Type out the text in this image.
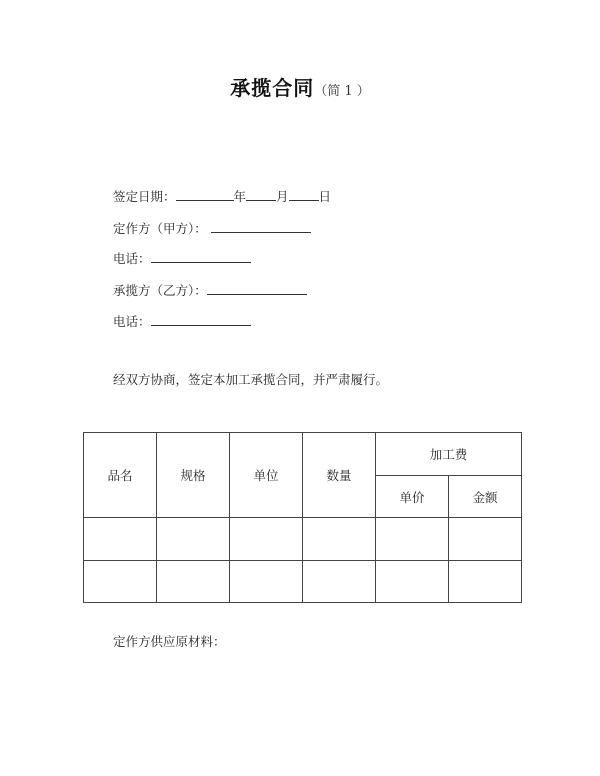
承揽合同（简 1 ）
签定日期：	年 月 日
定作方（甲方）：
电话：
承揽方（乙方）：
电话：
经双方协商，签定本加工承揽合同，并严肃履行。
品名	规格	单位	数量	加工费	
				单价	金额

定作方供应原材料：
